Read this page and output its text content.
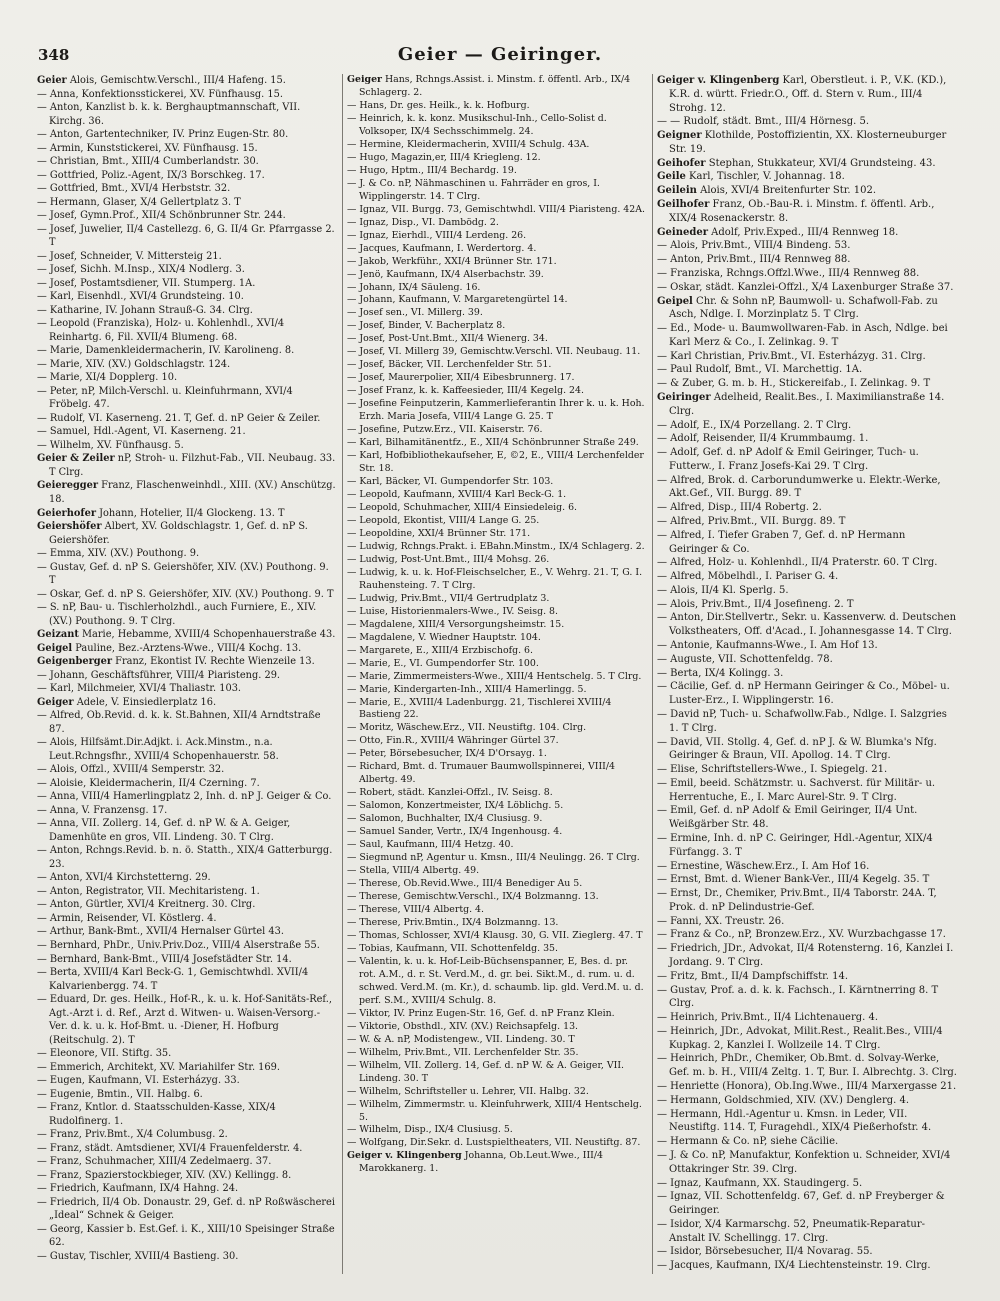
348	Geier — Geiringer.
Geier Alois, Gemischtw.Verschl., III/4 Hafeng. 15.
— Anna, Konfektionsstickerei, XV. Fünfhausg. 15.
— Anton, Kanzlist b. k. k. Berghauptmannschaft, VII. Kirchg. 36.
— Anton, Gartentechniker, IV. Prinz Eugen-Str. 80.
— Armin, Kunststickerei, XV. Fünfhausg. 15.
— Christian, Bmt., XIII/4 Cumberlandstr. 30.
— Gottfried, Poliz.-Agent, IX/3 Borschkeg. 17.
— Gottfried, Bmt., XVI/4 Herbststr. 32.
— Hermann, Glaser, X/4 Gellertplatz 3. T
— Josef, Gymn.Prof., XII/4 Schönbrunner Str. 244.
— Josef, Juwelier, II/4 Castellezg. 6, G. II/4 Gr. Pfarrgasse 2. T
— Josef, Schneider, V. Mittersteig 21.
— Josef, Sichh. M.Insp., XIX/4 Nodlerg. 3.
— Josef, Postamtsdiener, VII. Stumperg. 1A.
— Karl, Eisenhdl., XVI/4 Grundsteing. 10.
— Katharine, IV. Johann Strauß-G. 34. Clrg.
— Leopold (Franziska), Holz- u. Kohlenhdl., XVI/4 Reinhartg. 6, Fil. XVII/4 Blumeng. 68.
— Marie, Damenkleidermacherin, IV. Karolineng. 8.
— Marie, XIV. (XV.) Goldschlagstr. 124.
— Marie, XI/4 Dopplerg. 10.
— Peter, nP, Milch-Verschl. u. Kleinfuhrmann, XVI/4 Fröbelg. 47.
— Rudolf, VI. Kaserneng. 21. T, Gef. d. nP Geier & Zeiler.
— Samuel, Hdl.-Agent, VI. Kaserneng. 21.
— Wilhelm, XV. Fünfhausg. 5.
Geier & Zeiler nP, Stroh- u. Filzhut-Fab., VII. Neubaug. 33. T Clrg.
Geieregger Franz, Flaschenweinhdl., XIII. (XV.) Anschützg. 18.
Geierhofer Johann, Hotelier, II/4 Glockeng. 13. T
Geiershöfer Albert, XV. Goldschlagstr. 1, Gef. d. nP S. Geiershöfer.
— Emma, XIV. (XV.) Pouthong. 9.
— Gustav, Gef. d. nP S. Geiershöfer, XIV. (XV.) Pouthong. 9. T
— Oskar, Gef. d. nP S. Geiershöfer, XIV. (XV.) Pouthong. 9. T
— S. nP, Bau- u. Tischlerholzhdl., auch Furniere, E., XIV. (XV.) Pouthong. 9. T Clrg.
Geizant Marie, Hebamme, XVIII/4 Schopenhauerstraße 43.
Geigel Pauline, Bez.-Arztens-Wwe., VIII/4 Kochg. 13.
Geigenberger Franz, Ekontist IV. Rechte Wienzeile 13.
— Johann, Geschäftsführer, VIII/4 Piaristeng. 29.
— Karl, Milchmeier, XVI/4 Thaliastr. 103.
Geiger Adele, V. Einsiedlerplatz 16.
— Alfred, Ob.Revid. d. k. k. St.Bahnen, XII/4 Arndtstraße 87.
— Alois, Hilfsämt.Dir.Adjkt. i. Ack.Minstm., n.a. Leut.Rchngsfhr., XVIII/4 Schopenhauerstr. 58.
— Alois, Offzl., XVIII/4 Semperstr. 32.
— Aloisie, Kleidermacherin, II/4 Czerning. 7.
— Anna, VIII/4 Hamerlingplatz 2, Inh. d. nP J. Geiger & Co.
— Anna, V. Franzensg. 17.
— Anna, VII. Zollerg. 14, Gef. d. nP W. & A. Geiger, Damenhüte en gros, VII. Lindeng. 30. T Clrg.
— Anton, Rchngs.Revid. b. n. ö. Statth., XIX/4 Gatterburgg. 23.
— Anton, XVI/4 Kirchstetterng. 29.
— Anton, Registrator, VII. Mechitaristeng. 1.
— Anton, Gürtler, XVI/4 Kreitnerg. 30. Clrg.
— Armin, Reisender, VI. Köstlerg. 4.
— Arthur, Bank-Bmt., XVII/4 Hernalser Gürtel 43.
— Bernhard, PhDr., Univ.Priv.Doz., VIII/4 Alserstraße 55.
— Bernhard, Bank-Bmt., VIII/4 Josefstädter Str. 14.
— Berta, XVIII/4 Karl Beck-G. 1, Gemischtwhdl. XVII/4 Kalvarienbergg. 74. T
— Eduard, Dr. ges. Heilk., Hof-R., k. u. k. Hof-Sanitäts-Ref., Agt.-Arzt i. d. Ref., Arzt d. Witwen- u. Waisen-Versorg.-Ver. d. k. u. k. Hof-Bmt. u. -Diener, H. Hofburg (Reitschulg. 2). T
— Eleonore, VII. Stiftg. 35.
— Emmerich, Architekt, XV. Mariahilfer Str. 169.
— Eugen, Kaufmann, VI. Esterházyg. 33.
— Eugenie, Bmtin., VII. Halbg. 6.
— Franz, Kntlor. d. Staatsschulden-Kasse, XIX/4 Rudolfinerg. 1.
— Franz, Priv.Bmt., X/4 Columbusg. 2.
— Franz, städt. Amtsdiener, XVI/4 Frauenfelderstr. 4.
— Franz, Schuhmacher, XIII/4 Zedelmaerg. 37.
— Franz, Spazierstockbieger, XIV. (XV.) Kellingg. 8.
— Friedrich, Kaufmann, IX/4 Hahng. 24.
— Friedrich, II/4 Ob. Donaustr. 29, Gef. d. nP Roßwäscherei „Ideal“ Schnek & Geiger.
— Georg, Kassier b. Est.Gef. i. K., XIII/10 Speisinger Straße 62.
— Gustav, Tischler, XVIII/4 Bastieng. 30.
Geiger Hans, Rchngs.Assist. i. Minstm. f. öffentl. Arb., IX/4 Schlagerg. 2.
— Hans, Dr. ges. Heilk., k. k. Hofburg.
— Heinrich, k. k. konz. Musikschul-Inh., Cello-Solist d. Volksoper, IX/4 Sechsschimmelg. 24.
— Hermine, Kleidermacherin, XVIII/4 Schulg. 43A.
— Hugo, Magazin,er, III/4 Kriegleng. 12.
— Hugo, Hptm., III/4 Bechardg. 19.
— J. & Co. nP, Nähmaschinen u. Fahrräder en gros, I. Wipplingerstr. 14. T Clrg.
— Ignaz, VII. Burgg. 73, Gemischtwhdl. VIII/4 Piaristeng. 42A.
— Ignaz, Disp., VI. Dambödg. 2.
— Ignaz, Eierhdl., VIII/4 Lerdeng. 26.
— Jacques, Kaufmann, I. Werdertorg. 4.
— Jakob, Werkführ., XXI/4 Brünner Str. 171.
— Jenö, Kaufmann, IX/4 Alserbachstr. 39.
— Johann, IX/4 Säuleng. 16.
— Johann, Kaufmann, V. Margaretengürtel 14.
— Josef sen., VI. Millerg. 39.
— Josef, Binder, V. Bacherplatz 8.
— Josef, Post-Unt.Bmt., XII/4 Wienerg. 34.
— Josef, VI. Millerg 39, Gemischtw.Verschl. VII. Neubaug. 11.
— Josef, Bäcker, VII. Lerchenfelder Str. 51.
— Josef, Maurerpolier, XII/4 Eibesbrunnerg. 17.
— Josef Franz, k. k. Kaffeesieder, III/4 Kegelg. 24.
— Josefine Feinputzerin, Kammerlieferantin Ihrer k. u. k. Hoh. Erzh. Maria Josefa, VIII/4 Lange G. 25. T
— Josefine, Putzw.Erz., VII. Kaiserstr. 76.
— Karl, Bilhamitänentfz., E., XII/4 Schönbrunner Straße 249.
— Karl, Hofbibliothekaufseher, E, ©2, E., VIII/4 Lerchenfelder Str. 18.
— Karl, Bäcker, VI. Gumpendorfer Str. 103.
— Leopold, Kaufmann, XVIII/4 Karl Beck-G. 1.
— Leopold, Schuhmacher, XIII/4 Einsiedeleig. 6.
— Leopold, Ekontist, VIII/4 Lange G. 25.
— Leopoldine, XXI/4 Brünner Str. 171.
— Ludwig, Rchngs.Prakt. i. EBahn.Minstm., IX/4 Schlagerg. 2.
— Ludwig, Post-Unt.Bmt., III/4 Mohsg. 26.
— Ludwig, k. u. k. Hof-Fleischselcher, E., V. Wehrg. 21. T, G. I. Rauhensteing. 7. T Clrg.
— Ludwig, Priv.Bmt., VII/4 Gertrudplatz 3.
— Luise, Historienmalers-Wwe., IV. Seisg. 8.
— Magdalene, XIII/4 Versorgungsheimstr. 15.
— Magdalene, V. Wiedner Hauptstr. 104.
— Margarete, E., XIII/4 Erzbischofg. 6.
— Marie, E., VI. Gumpendorfer Str. 100.
— Marie, Zimmermeisters-Wwe., XIII/4 Hentschelg. 5. T Clrg.
— Marie, Kindergarten-Inh., XIII/4 Hamerlingg. 5.
— Marie, E., XVIII/4 Ladenburgg. 21, Tischlerei XVIII/4 Bastieng 22.
— Moritz, Wäschew.Erz., VII. Neustiftg. 104. Clrg.
— Otto, Fin.R., XVIII/4 Währinger Gürtel 37.
— Peter, Börsebesucher, IX/4 D'Orsayg. 1.
— Richard, Bmt. d. Trumauer Baumwollspinnerei, VIII/4 Albertg. 49.
— Robert, städt. Kanzlei-Offzl., IV. Seisg. 8.
— Salomon, Konzertmeister, IX/4 Löblichg. 5.
— Salomon, Buchhalter, IX/4 Clusiusg. 9.
— Samuel Sander, Vertr., IX/4 Ingenhousg. 4.
— Saul, Kaufmann, III/4 Hetzg. 40.
— Siegmund nP, Agentur u. Kmsn., III/4 Neulingg. 26. T Clrg.
— Stella, VIII/4 Albertg. 49.
— Therese, Ob.Revid.Wwe., III/4 Benediger Au 5.
— Therese, Gemischtw.Verschl., IX/4 Bolzmanng. 13.
— Therese, VIII/4 Albertg. 4.
— Therese, Priv.Bmtin., IX/4 Bolzmanng. 13.
— Thomas, Schlosser, XVI/4 Klausg. 30, G. VII. Zieglerg. 47. T
— Tobias, Kaufmann, VII. Schottenfeldg. 35.
— Valentin, k. u. k. Hof-Leib-Büchsenspanner, E, Bes. d. pr. rot. A.M., d. r. St. Verd.M., d. gr. bei. Sikt.M., d. rum. u. d. schwed. Verd.M. (m. Kr.), d. schaumb. lip. gld. Verd.M. u. d. perf. S.M., XVIII/4 Schulg. 8.
— Viktor, IV. Prinz Eugen-Str. 16, Gef. d. nP Franz Klein.
— Viktorie, Obsthdl., XIV. (XV.) Reichsapfelg. 13.
— W. & A. nP, Modistengew., VII. Lindeng. 30. T
— Wilhelm, Priv.Bmt., VII. Lerchenfelder Str. 35.
— Wilhelm, VII. Zollerg. 14, Gef. d. nP W. & A. Geiger, VII. Lindeng. 30. T
— Wilhelm, Schriftsteller u. Lehrer, VII. Halbg. 32.
— Wilhelm, Zimmermstr. u. Kleinfuhrwerk, XIII/4 Hentschelg. 5.
— Wilhelm, Disp., IX/4 Clusiusg. 5.
— Wolfgang, Dir.Sekr. d. Lustspieltheaters, VII. Neustiftg. 87.
Geiger v. Klingenberg Johanna, Ob.Leut.Wwe., III/4 Marokkanerg. 1.
Geiger v. Klingenberg Karl, Oberstleut. i. P., V.K. (KD.), K.R. d. württ. Friedr.O., Off. d. Stern v. Rum., III/4 Strohg. 12.
— — Rudolf, städt. Bmt., III/4 Hörnesg. 5.
Geigner Klothilde, Postoffizientin, XX. Klosterneuburger Str. 19.
Geihofer Stephan, Stukkateur, XVI/4 Grundsteing. 43.
Geile Karl, Tischler, V. Johannag. 18.
Geilein Alois, XVI/4 Breitenfurter Str. 102.
Geilhofer Franz, Ob.-Bau-R. i. Minstm. f. öffentl. Arb., XIX/4 Rosenackerstr. 8.
Geineder Adolf, Priv.Exped., III/4 Rennweg 18.
— Alois, Priv.Bmt., VIII/4 Bindeng. 53.
— Anton, Priv.Bmt., III/4 Rennweg 88.
— Franziska, Rchngs.Offzl.Wwe., III/4 Rennweg 88.
— Oskar, städt. Kanzlei-Offzl., X/4 Laxenburger Straße 37.
Geipel Chr. & Sohn nP, Baumwoll- u. Schafwoll-Fab. zu Asch, Ndlge. I. Morzinplatz 5. T Clrg.
— Ed., Mode- u. Baumwollwaren-Fab. in Asch, Ndlge. bei Karl Merz & Co., I. Zelinkag. 9. T
— Karl Christian, Priv.Bmt., VI. Esterházyg. 31. Clrg.
— Paul Rudolf, Bmt., VI. Marchettig. 1A.
— & Zuber, G. m. b. H., Stickereifab., I. Zelinkag. 9. T
Geiringer Adelheid, Realit.Bes., I. Maximilianstraße 14. Clrg.
— Adolf, E., IX/4 Porzellang. 2. T Clrg.
— Adolf, Reisender, II/4 Krummbaumg. 1.
— Adolf, Gef. d. nP Adolf & Emil Geiringer, Tuch- u. Futterw., I. Franz Josefs-Kai 29. T Clrg.
— Alfred, Brok. d. Carborundumwerke u. Elektr.-Werke, Akt.Gef., VII. Burgg. 89. T
— Alfred, Disp., III/4 Robertg. 2.
— Alfred, Priv.Bmt., VII. Burgg. 89. T
— Alfred, I. Tiefer Graben 7, Gef. d. nP Hermann Geiringer & Co.
— Alfred, Holz- u. Kohlenhdl., II/4 Praterstr. 60. T Clrg.
— Alfred, Möbelhdl., I. Pariser G. 4.
— Alois, II/4 Kl. Sperlg. 5.
— Alois, Priv.Bmt., II/4 Josefineng. 2. T
— Anton, Dir.Stellvertr., Sekr. u. Kassenverw. d. Deutschen Volkstheaters, Off. d'Acad., I. Johannesgasse 14. T Clrg.
— Antonie, Kaufmanns-Wwe., I. Am Hof 13.
— Auguste, VII. Schottenfeldg. 78.
— Berta, IX/4 Kolingg. 3.
— Cäcilie, Gef. d. nP Hermann Geiringer & Co., Möbel- u. Luster-Erz., I. Wipplingerstr. 16.
— David nP, Tuch- u. Schafwollw.Fab., Ndlge. I. Salzgries 1. T Clrg.
— David, VII. Stollg. 4, Gef. d. nP J. & W. Blumka's Nfg. Geiringer & Braun, VII. Apollog. 14. T Clrg.
— Elise, Schriftstellers-Wwe., I. Spiegelg. 21.
— Emil, beeid. Schätzmstr. u. Sachverst. für Militär- u. Herrentuche, E., I. Marc Aurel-Str. 9. T Clrg.
— Emil, Gef. d. nP Adolf & Emil Geiringer, II/4 Unt. Weißgärber Str. 48.
— Ermine, Inh. d. nP C. Geiringer, Hdl.-Agentur, XIX/4 Fürfangg. 3. T
— Ernestine, Wäschew.Erz., I. Am Hof 16.
— Ernst, Bmt. d. Wiener Bank-Ver., III/4 Kegelg. 35. T
— Ernst, Dr., Chemiker, Priv.Bmt., II/4 Taborstr. 24A. T, Prok. d. nP Delindustrie-Gef.
— Fanni, XX. Treustr. 26.
— Franz & Co., nP, Bronzew.Erz., XV. Wurzbachgasse 17.
— Friedrich, JDr., Advokat, II/4 Rotensterng. 16, Kanzlei I. Jordang. 9. T Clrg.
— Fritz, Bmt., II/4 Dampfschiffstr. 14.
— Gustav, Prof. a. d. k. k. Fachsch., I. Kärntnerring 8. T Clrg.
— Heinrich, Priv.Bmt., II/4 Lichtenauerg. 4.
— Heinrich, JDr., Advokat, Milit.Rest., Realit.Bes., VIII/4 Kupkag. 2, Kanzlei I. Wollzeile 14. T Clrg.
— Heinrich, PhDr., Chemiker, Ob.Bmt. d. Solvay-Werke, Gef. m. b. H., VIII/4 Zeltg. 1. T, Bur. I. Albrechtg. 3. Clrg.
— Henriette (Honora), Ob.Ing.Wwe., III/4 Marxergasse 21.
— Hermann, Goldschmied, XIV. (XV.) Denglerg. 4.
— Hermann, Hdl.-Agentur u. Kmsn. in Leder, VII. Neustiftg. 114. T, Furagehdl., XIX/4 Pießerhofstr. 4.
— Hermann & Co. nP, siehe Cäcilie.
— J. & Co. nP, Manufaktur, Konfektion u. Schneider, XVI/4 Ottakringer Str. 39. Clrg.
— Ignaz, Kaufmann, XX. Staudingerg. 5.
— Ignaz, VII. Schottenfeldg. 67, Gef. d. nP Freyberger & Geiringer.
— Isidor, X/4 Karmarschg. 52, Pneumatik-Reparatur-Anstalt IV. Schellingg. 17. Clrg.
— Isidor, Börsebesucher, II/4 Novarag. 55.
— Jacques, Kaufmann, IX/4 Liechtensteinstr. 19. Clrg.
